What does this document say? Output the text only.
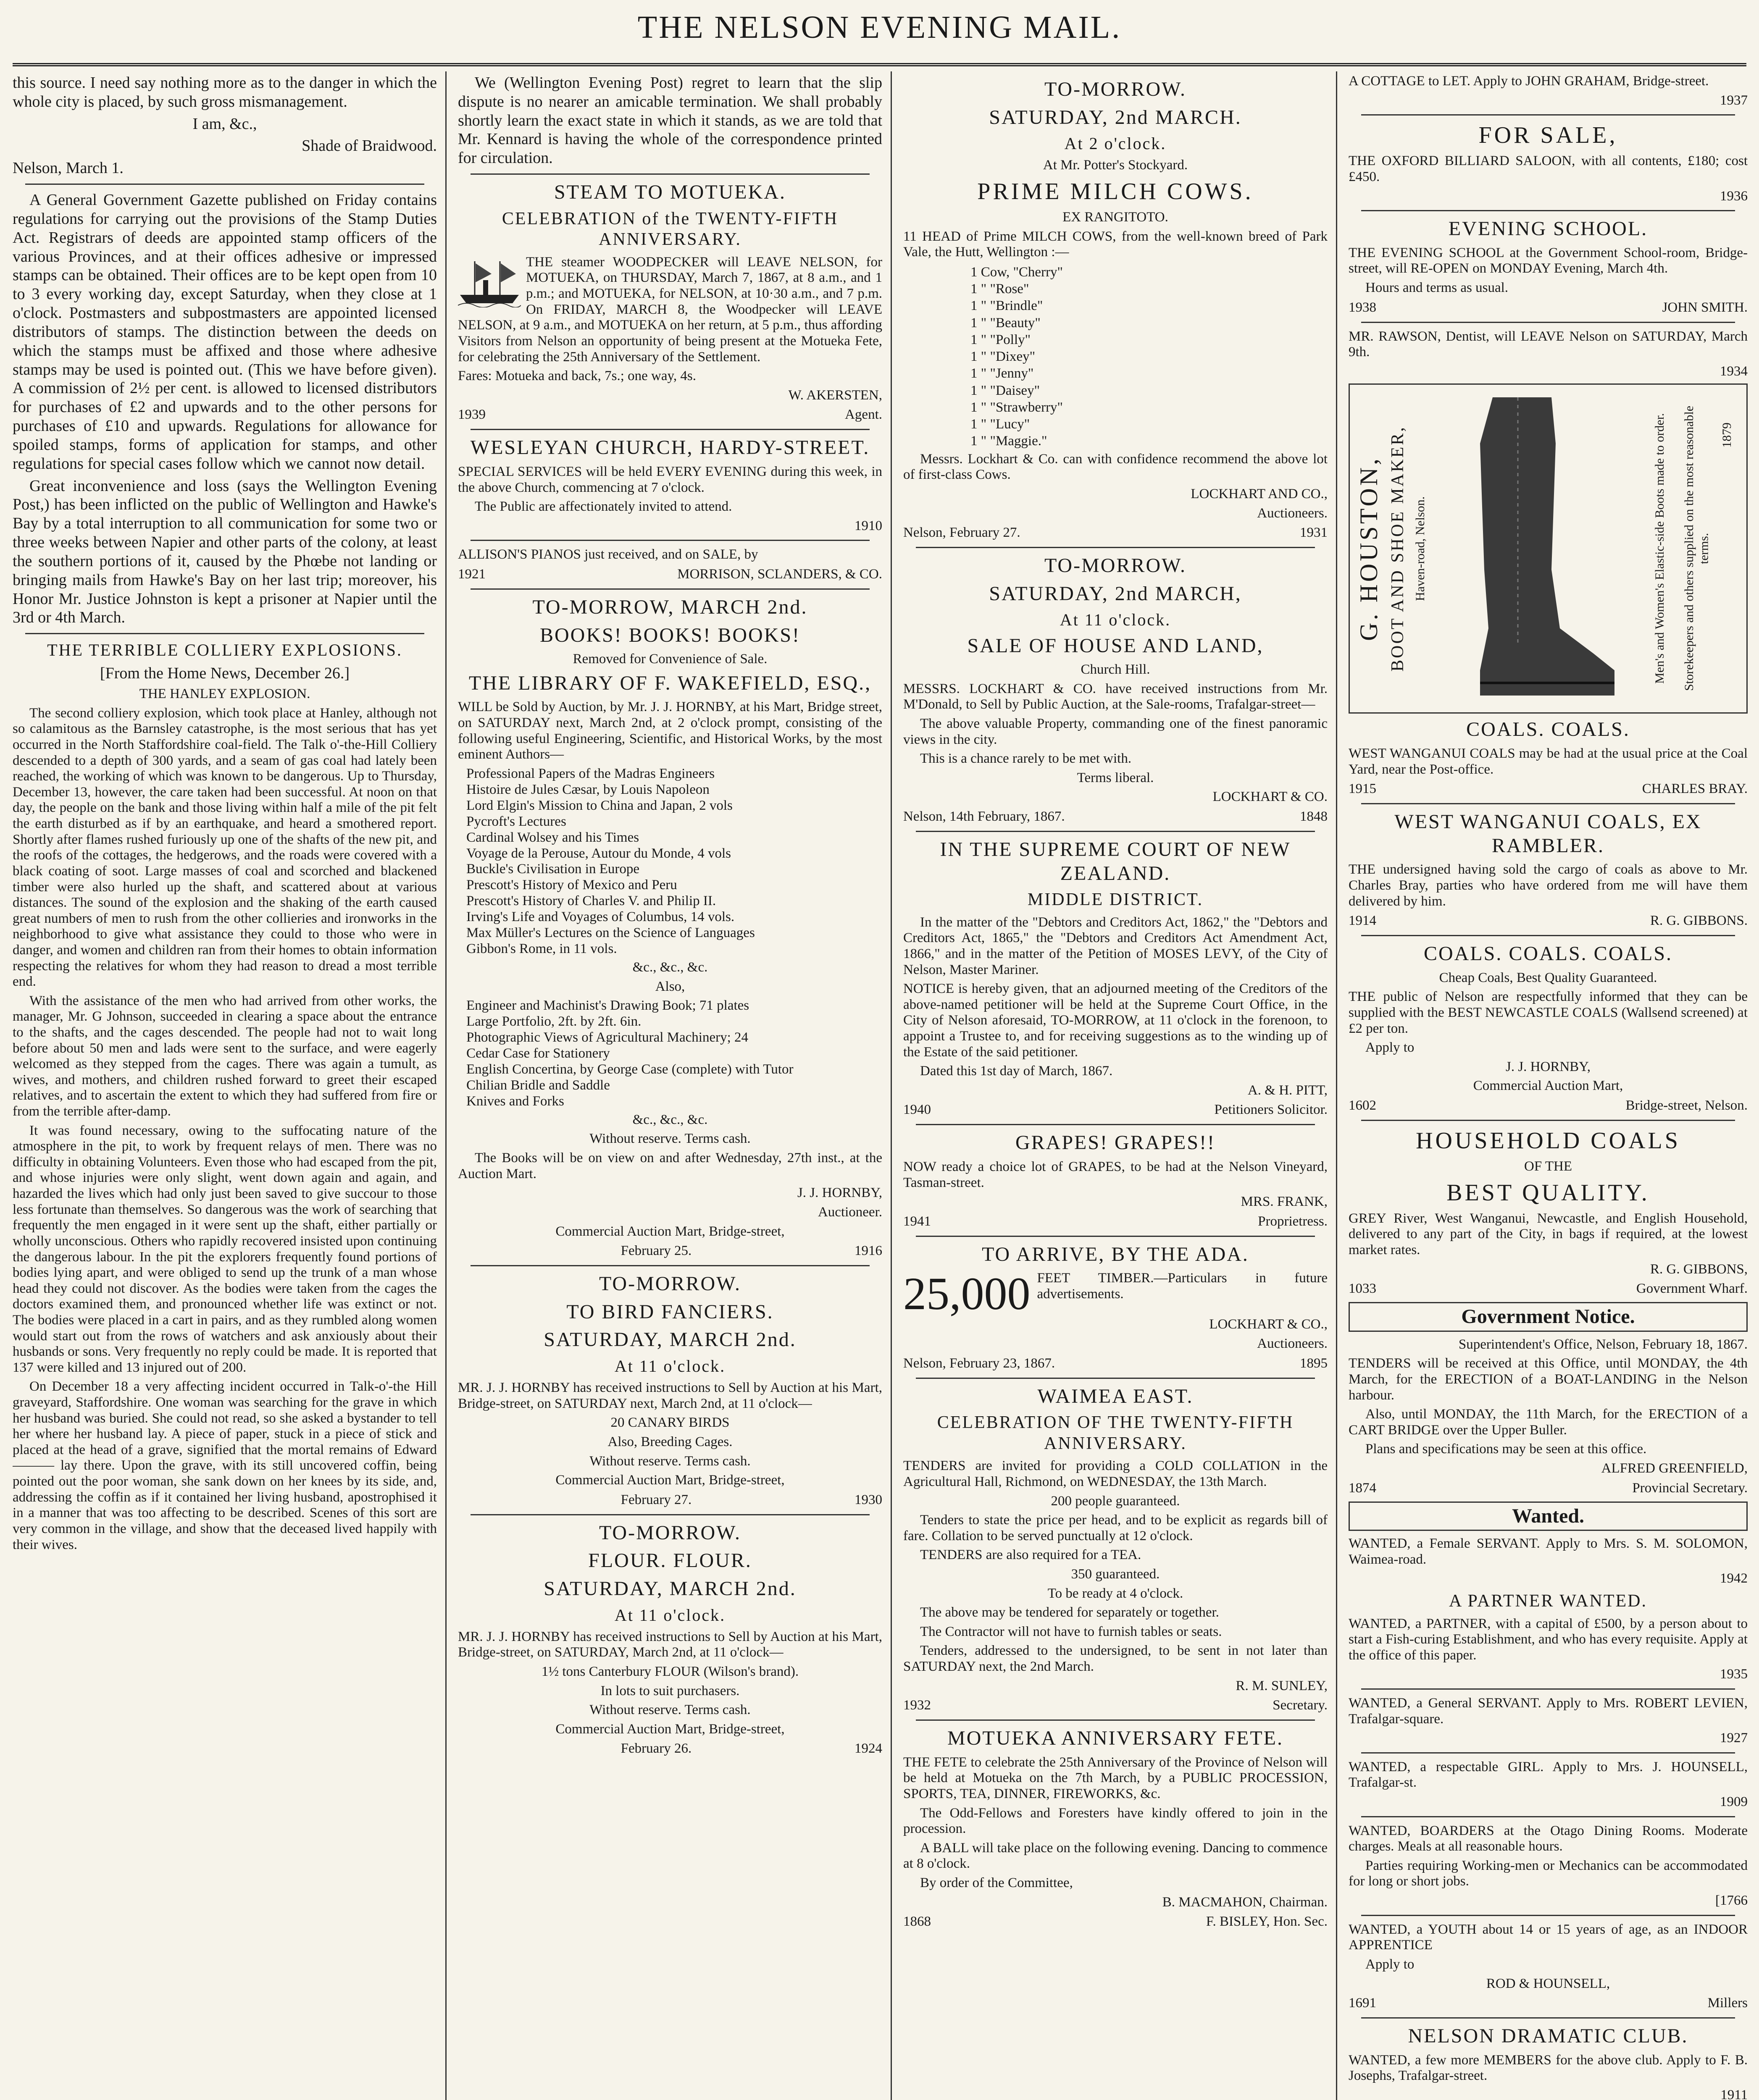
THE NELSON EVENING MAIL.

this source. I need say nothing more as to the danger in which the whole city is placed, by such gross mismanagement.

I am, &c.,

Shade of Braidwood.

Nelson, March 1.

A General Government Gazette published on Friday contains regulations for carrying out the provisions of the Stamp Duties Act. Registrars of deeds are appointed stamp officers of the various Provinces, and at their offices adhesive or impressed stamps can be obtained. Their offices are to be kept open from 10 to 3 every working day, except Saturday, when they close at 1 o'clock. Postmasters and subpostmasters are appointed licensed distributors of stamps. The distinction between the deeds on which the stamps must be affixed and those where adhesive stamps may be used is pointed out. (This we have before given). A commission of 2½ per cent. is allowed to licensed distributors for purchases of £2 and upwards and to the other persons for purchases of £10 and upwards. Regulations for allowance for spoiled stamps, forms of application for stamps, and other regulations for special cases follow which we cannot now detail.

Great inconvenience and loss (says the Wellington Evening Post,) has been inflicted on the public of Wellington and Hawke's Bay by a total interruption to all communication for some two or three weeks between Napier and other parts of the colony, at least the southern portions of it, caused by the Phœbe not landing or bringing mails from Hawke's Bay on her last trip; moreover, his Honor Mr. Justice Johnston is kept a prisoner at Napier until the 3rd or 4th March.

THE TERRIBLE COLLIERY EXPLOSIONS.

[From the Home News, December 26.]

THE HANLEY EXPLOSION.

The second colliery explosion, which took place at Hanley, although not so calamitous as the Barnsley catastrophe, is the most serious that has yet occurred in the North Staffordshire coal-field. The Talk o'-the-Hill Colliery descended to a depth of 300 yards, and a seam of gas coal had lately been reached, the working of which was known to be dangerous. Up to Thursday, December 13, however, the care taken had been successful. At noon on that day, the people on the bank and those living within half a mile of the pit felt the earth disturbed as if by an earthquake, and heard a smothered report. Shortly after flames rushed furiously up one of the shafts of the new pit, and the roofs of the cottages, the hedgerows, and the roads were covered with a black coating of soot. Large masses of coal and scorched and blackened timber were also hurled up the shaft, and scattered about at various distances. The sound of the explosion and the shaking of the earth caused great numbers of men to rush from the other collieries and ironworks in the neighborhood to give what assistance they could to those who were in danger, and women and children ran from their homes to obtain information respecting the relatives for whom they had reason to dread a most terrible end.

With the assistance of the men who had arrived from other works, the manager, Mr. G Johnson, succeeded in clearing a space about the entrance to the shafts, and the cages descended. The people had not to wait long before about 50 men and lads were sent to the surface, and were eagerly welcomed as they stepped from the cages. There was again a tumult, as wives, and mothers, and children rushed forward to greet their escaped relatives, and to ascertain the extent to which they had suffered from fire or from the terrible after-damp.

It was found necessary, owing to the suffocating nature of the atmosphere in the pit, to work by frequent relays of men. There was no difficulty in obtaining Volunteers. Even those who had escaped from the pit, and whose injuries were only slight, went down again and again, and hazarded the lives which had only just been saved to give succour to those less fortunate than themselves. So dangerous was the work of searching that frequently the men engaged in it were sent up the shaft, either partially or wholly unconscious. Others who rapidly recovered insisted upon continuing the dangerous labour. In the pit the explorers frequently found portions of bodies lying apart, and were obliged to send up the trunk of a man whose head they could not discover. As the bodies were taken from the cages the doctors examined them, and pronounced whether life was extinct or not. The bodies were placed in a cart in pairs, and as they rumbled along women would start out from the rows of watchers and ask anxiously about their husbands or sons. Very frequently no reply could be made. It is reported that 137 were killed and 13 injured out of 200.

On December 18 a very affecting incident occurred in Talk-o'-the Hill graveyard, Staffordshire. One woman was searching for the grave in which her husband was buried. She could not read, so she asked a bystander to tell her where her husband lay. A piece of paper, stuck in a piece of stick and placed at the head of a grave, signified that the mortal remains of Edward ——— lay there. Upon the grave, with its still uncovered coffin, being pointed out the poor woman, she sank down on her knees by its side, and, addressing the coffin as if it contained her living husband, apostrophised it in a manner that was too affecting to be described. Scenes of this sort are very common in the village, and show that the deceased lived happily with their wives.

We (Wellington Evening Post) regret to learn that the slip dispute is no nearer an amicable termination. We shall probably shortly learn the exact state in which it stands, as we are told that Mr. Kennard is having the whole of the correspondence printed for circulation.

STEAM TO MOTUEKA.
CELEBRATION of the TWENTY-FIFTH ANNIVERSARY.

THE steamer WOODPECKER will LEAVE NELSON, for MOTUEKA, on THURSDAY, March 7, 1867, at 8 a.m., and 1 p.m.; and MOTUEKA, for NELSON, at 10·30 a.m., and 7 p.m. On FRIDAY, MARCH 8, the Woodpecker will LEAVE NELSON, at 9 a.m., and MOTUEKA on her return, at 5 p.m., thus affording Visitors from Nelson an opportunity of being present at the Motueka Fete, for celebrating the 25th Anniversary of the Settlement.

Fares: Motueka and back, 7s.; one way, 4s.

W. AKERSTEN,

1939	Agent.
WESLEYAN CHURCH, HARDY-STREET.

SPECIAL SERVICES will be held EVERY EVENING during this week, in the above Church, commencing at 7 o'clock.

The Public are affectionately invited to attend.

1910

ALLISON'S PIANOS just received, and on SALE, by

1921	MORRISON, SCLANDERS, & CO.
TO-MORROW, MARCH 2nd.
BOOKS! BOOKS! BOOKS!

Removed for Convenience of Sale.

THE LIBRARY OF F. WAKEFIELD, ESQ.,

WILL be Sold by Auction, by Mr. J. J. HORNBY, at his Mart, Bridge street, on SATURDAY next, March 2nd, at 2 o'clock prompt, consisting of the following useful Engineering, Scientific, and Historical Works, by the most eminent Authors—

Professional Papers of the Madras Engineers
Histoire de Jules Cæsar, by Louis Napoleon
Lord Elgin's Mission to China and Japan, 2 vols
Pycroft's Lectures
Cardinal Wolsey and his Times
Voyage de la Perouse, Autour du Monde, 4 vols
Buckle's Civilisation in Europe
Prescott's History of Mexico and Peru
Prescott's History of Charles V. and Philip II.
Irving's Life and Voyages of Columbus, 14 vols.
Max Müller's Lectures on the Science of Languages
Gibbon's Rome, in 11 vols.

&c., &c., &c.

Also,

Engineer and Machinist's Drawing Book; 71 plates
Large Portfolio, 2ft. by 2ft. 6in.
Photographic Views of Agricultural Machinery; 24
Cedar Case for Stationery
English Concertina, by George Case (complete) with Tutor
Chilian Bridle and Saddle
Knives and Forks

&c., &c., &c.

Without reserve. Terms cash.

The Books will be on view on and after Wednesday, 27th inst., at the Auction Mart.

J. J. HORNBY,

Auctioneer.

Commercial Auction Mart, Bridge-street,

February 25.	1916
TO-MORROW.
TO BIRD FANCIERS.
SATURDAY, MARCH 2nd.
At 11 o'clock.

MR. J. J. HORNBY has received instructions to Sell by Auction at his Mart, Bridge-street, on SATURDAY next, March 2nd, at 11 o'clock—

20 CANARY BIRDS

Also, Breeding Cages.

Without reserve. Terms cash.

Commercial Auction Mart, Bridge-street,

February 27.	1930
TO-MORROW.
FLOUR. FLOUR.
SATURDAY, MARCH 2nd.
At 11 o'clock.

MR. J. J. HORNBY has received instructions to Sell by Auction at his Mart, Bridge-street, on SATURDAY, March 2nd, at 11 o'clock—

1½ tons Canterbury FLOUR (Wilson's brand).

In lots to suit purchasers.

Without reserve. Terms cash.

Commercial Auction Mart, Bridge-street,

February 26.	1924
TO-MORROW.
SATURDAY, 2nd MARCH.
At 2 o'clock.

At Mr. Potter's Stockyard.

PRIME MILCH COWS.

EX RANGITOTO.

11 HEAD of Prime MILCH COWS, from the well-known breed of Park Vale, the Hutt, Wellington :—

1 Cow, "Cherry"
1 " "Rose"
1 " "Brindle"
1 " "Beauty"
1 " "Polly"
1 " "Dixey"
1 " "Jenny"
1 " "Daisey"
1 " "Strawberry"
1 " "Lucy"
1 " "Maggie."

Messrs. Lockhart & Co. can with confidence recommend the above lot of first-class Cows.

LOCKHART AND CO.,

Auctioneers.

Nelson, February 27.	1931
TO-MORROW.
SATURDAY, 2nd MARCH,
At 11 o'clock.
SALE OF HOUSE AND LAND,

Church Hill.

MESSRS. LOCKHART & CO. have received instructions from Mr. M'Donald, to Sell by Public Auction, at the Sale-rooms, Trafalgar-street—

The above valuable Property, commanding one of the finest panoramic views in the city.

This is a chance rarely to be met with.

Terms liberal.

LOCKHART & CO.

Nelson, 14th February, 1867.	1848
IN THE SUPREME COURT OF NEW ZEALAND.
MIDDLE DISTRICT.

In the matter of the "Debtors and Creditors Act, 1862," the "Debtors and Creditors Act, 1865," the "Debtors and Creditors Act Amendment Act, 1866," and in the matter of the Petition of MOSES LEVY, of the City of Nelson, Master Mariner.

NOTICE is hereby given, that an adjourned meeting of the Creditors of the above-named petitioner will be held at the Supreme Court Office, in the City of Nelson aforesaid, TO-MORROW, at 11 o'clock in the forenoon, to appoint a Trustee to, and for receiving suggestions as to the winding up of the Estate of the said petitioner.

Dated this 1st day of March, 1867.

A. & H. PITT,

1940	Petitioners Solicitor.
GRAPES! GRAPES!!

NOW ready a choice lot of GRAPES, to be had at the Nelson Vineyard, Tasman-street.

MRS. FRANK,

1941	Proprietress.
TO ARRIVE, BY THE ADA.
25,000 FEET TIMBER.—Particulars in future advertisements.

LOCKHART & CO.,

Auctioneers.

Nelson, February 23, 1867.	1895
WAIMEA EAST.
CELEBRATION OF THE TWENTY-FIFTH ANNIVERSARY.

TENDERS are invited for providing a COLD COLLATION in the Agricultural Hall, Richmond, on WEDNESDAY, the 13th March.

200 people guaranteed.

Tenders to state the price per head, and to be explicit as regards bill of fare. Collation to be served punctually at 12 o'clock.

TENDERS are also required for a TEA.

350 guaranteed.

To be ready at 4 o'clock.

The above may be tendered for separately or together.

The Contractor will not have to furnish tables or seats.

Tenders, addressed to the undersigned, to be sent in not later than SATURDAY next, the 2nd March.

R. M. SUNLEY,

1932	Secretary.
MOTUEKA ANNIVERSARY FETE.

THE FETE to celebrate the 25th Anniversary of the Province of Nelson will be held at Motueka on the 7th March, by a PUBLIC PROCESSION, SPORTS, TEA, DINNER, FIREWORKS, &c.

The Odd-Fellows and Foresters have kindly offered to join in the procession.

A BALL will take place on the following evening. Dancing to commence at 8 o'clock.

By order of the Committee,

B. MACMAHON, Chairman.

1868	F. BISLEY, Hon. Sec.

A COTTAGE to LET. Apply to JOHN GRAHAM, Bridge-street.

1937

FOR SALE,

THE OXFORD BILLIARD SALOON, with all contents, £180; cost £450.

1936

EVENING SCHOOL.

THE EVENING SCHOOL at the Government School-room, Bridge-street, will RE-OPEN on MONDAY Evening, March 4th.

Hours and terms as usual.

1938	JOHN SMITH.

MR. RAWSON, Dentist, will LEAVE Nelson on SATURDAY, March 9th.

1934

G. HOUSTON, BOOT AND SHOE MAKER, Haven-road, Nelson.	Men's and Women's Elastic-side Boots made to order. Storekeepers and others supplied on the most reasonable terms.
1879
COALS. COALS.

WEST WANGANUI COALS may be had at the usual price at the Coal Yard, near the Post-office.

1915	CHARLES BRAY.
WEST WANGANUI COALS, EX RAMBLER.

THE undersigned having sold the cargo of coals as above to Mr. Charles Bray, parties who have ordered from me will have them delivered by him.

1914	R. G. GIBBONS.
COALS. COALS. COALS.

Cheap Coals, Best Quality Guaranteed.

THE public of Nelson are respectfully informed that they can be supplied with the BEST NEWCASTLE COALS (Wallsend screened) at £2 per ton.

Apply to

J. J. HORNBY,

Commercial Auction Mart,

1602	Bridge-street, Nelson.
HOUSEHOLD COALS

OF THE

BEST QUALITY.

GREY River, West Wanganui, Newcastle, and English Household, delivered to any part of the City, in bags if required, at the lowest market rates.

R. G. GIBBONS,

1033	Government Wharf.
Government Notice.

Superintendent's Office, Nelson, February 18, 1867.

TENDERS will be received at this Office, until MONDAY, the 4th March, for the ERECTION of a BOAT-LANDING in the Nelson harbour.

Also, until MONDAY, the 11th March, for the ERECTION of a CART BRIDGE over the Upper Buller.

Plans and specifications may be seen at this office.

ALFRED GREENFIELD,

1874	Provincial Secretary.
Wanted.

WANTED, a Female SERVANT. Apply to Mrs. S. M. SOLOMON, Waimea-road.

1942

A PARTNER WANTED.

WANTED, a PARTNER, with a capital of £500, by a person about to start a Fish-curing Establishment, and who has every requisite. Apply at the office of this paper.

1935

WANTED, a General SERVANT. Apply to Mrs. ROBERT LEVIEN, Trafalgar-square.

1927

WANTED, a respectable GIRL. Apply to Mrs. J. HOUNSELL, Trafalgar-st.

1909

WANTED, BOARDERS at the Otago Dining Rooms. Moderate charges. Meals at all reasonable hours.

Parties requiring Working-men or Mechanics can be accommodated for long or short jobs.

[1766

WANTED, a YOUTH about 14 or 15 years of age, as an INDOOR APPRENTICE

Apply to

ROD & HOUNSELL,

1691	Millers
NELSON DRAMATIC CLUB.

WANTED, a few more MEMBERS for the above club. Apply to F. B. Josephs, Trafalgar-street.

1911
